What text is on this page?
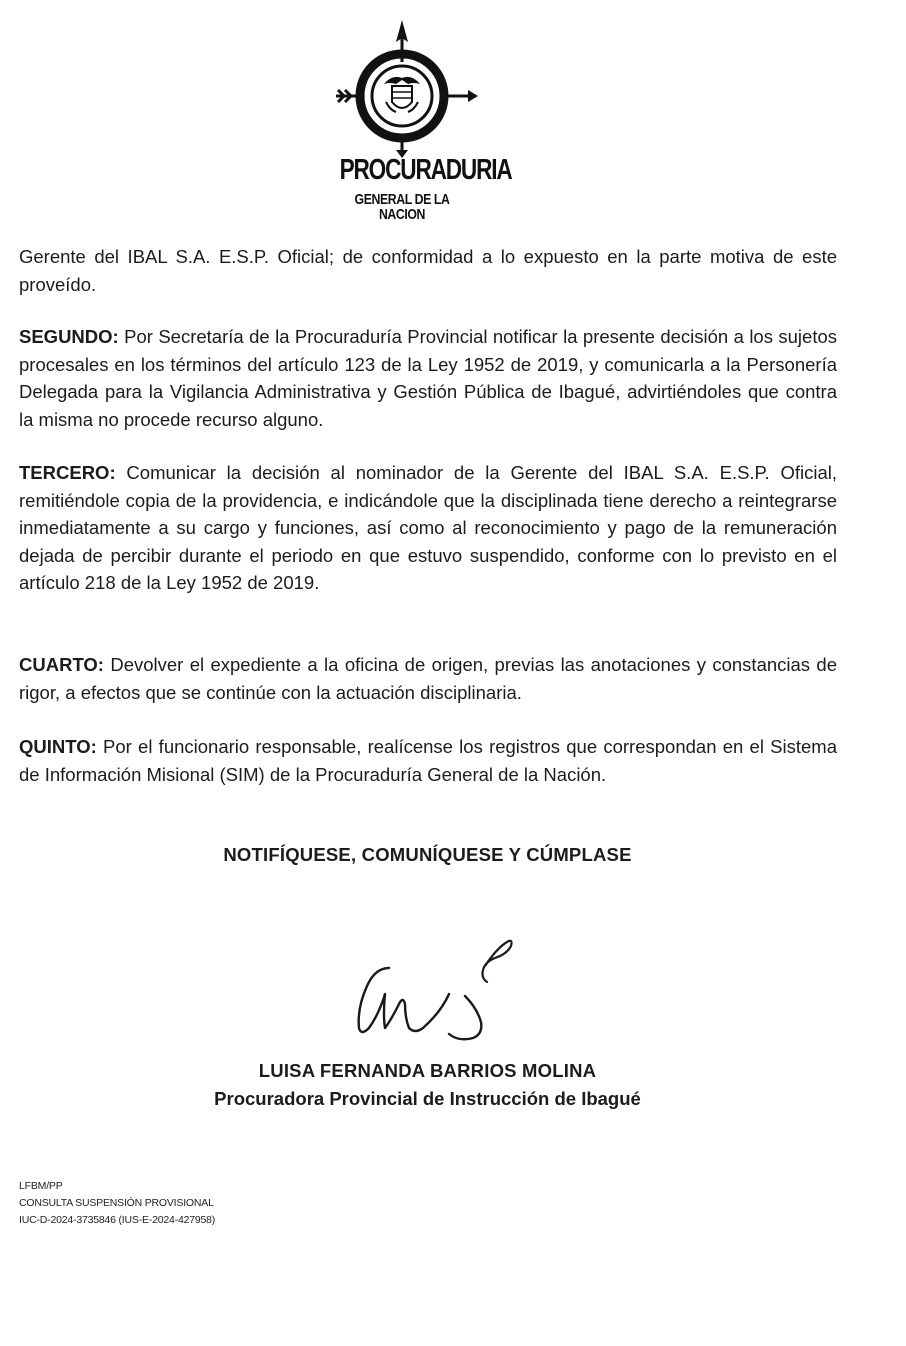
PROCURADURIA
GENERAL DE LA NACION

Gerente del IBAL S.A. E.S.P. Oficial; de conformidad a lo expuesto en la parte motiva de este proveído.

SEGUNDO: Por Secretaría de la Procuraduría Provincial notificar la presente decisión a los sujetos procesales en los términos del artículo 123 de la Ley 1952 de 2019, y comunicarla a la Personería Delegada para la Vigilancia Administrativa y Gestión Pública de Ibagué, advirtiéndoles que contra la misma no procede recurso alguno.

TERCERO: Comunicar la decisión al nominador de la Gerente del IBAL S.A. E.S.P. Oficial, remitiéndole copia de la providencia, e indicándole que la disciplinada tiene derecho a reintegrarse inmediatamente a su cargo y funciones, así como al reconocimiento y pago de la remuneración dejada de percibir durante el periodo en que estuvo suspendido, conforme con lo previsto en el artículo 218 de la Ley 1952 de 2019.

CUARTO: Devolver el expediente a la oficina de origen, previas las anotaciones y constancias de rigor, a efectos que se continúe con la actuación disciplinaria.

QUINTO: Por el funcionario responsable, realícense los registros que correspondan en el Sistema de Información Misional (SIM) de la Procuraduría General de la Nación.

NOTIFÍQUESE, COMUNÍQUESE Y CÚMPLASE
LUISA FERNANDA BARRIOS MOLINA
Procuradora Provincial de Instrucción de Ibagué
LFBM/PP
CONSULTA SUSPENSIÓN PROVISIONAL
IUC-D-2024-3735846 (IUS-E-2024-427958)
